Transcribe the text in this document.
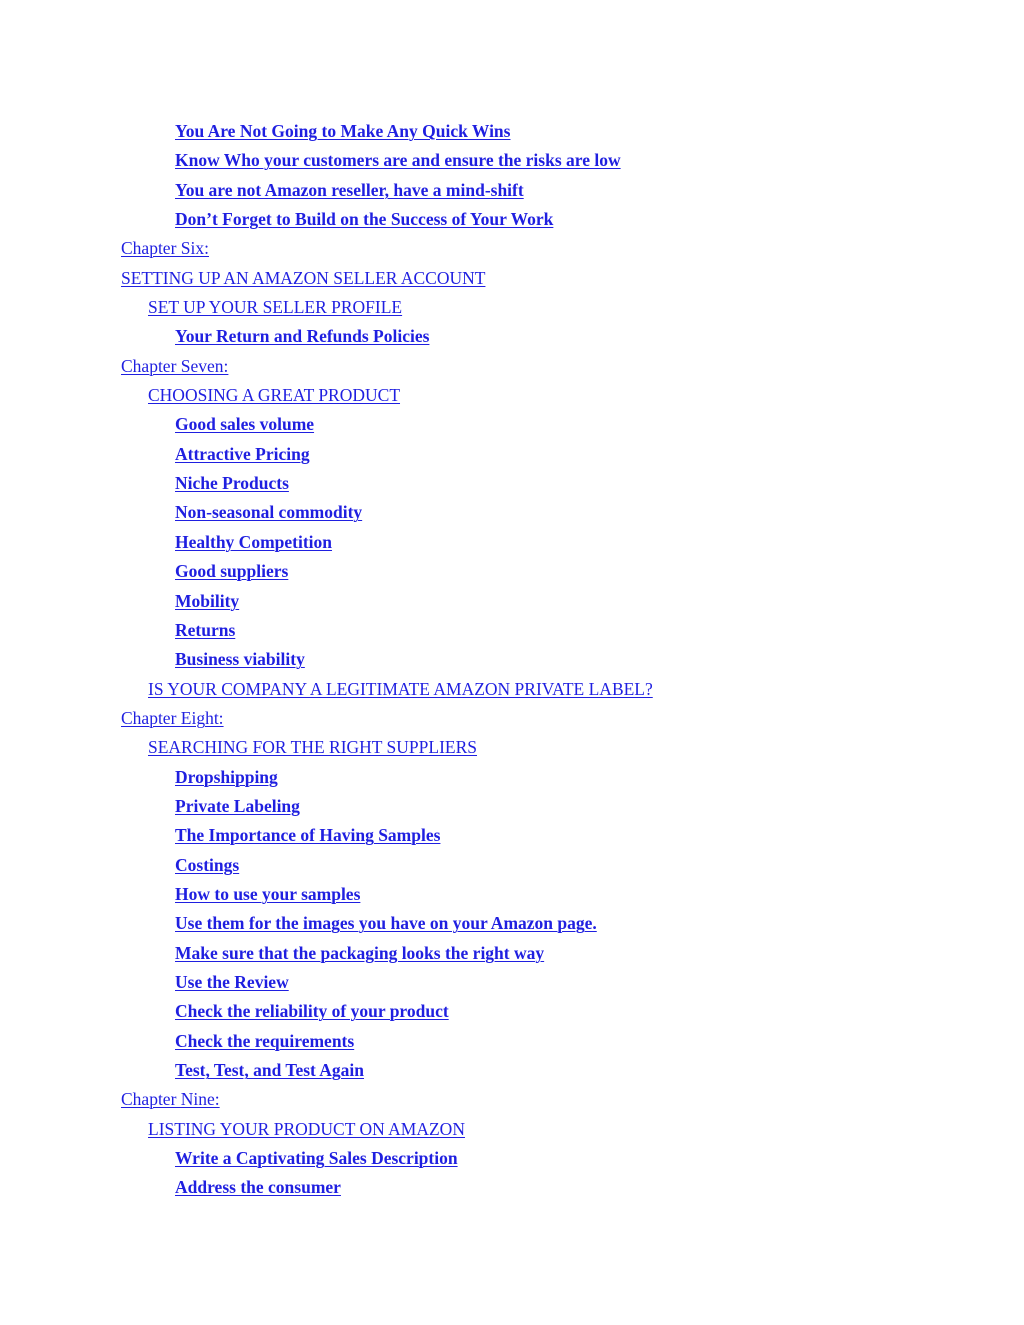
You Are Not Going to Make Any Quick Wins
Know Who your customers are and ensure the risks are low
You are not Amazon reseller, have a mind-shift
Don’t Forget to Build on the Success of Your Work
Chapter Six:
SETTING UP AN AMAZON SELLER ACCOUNT
SET UP YOUR SELLER PROFILE
Your Return and Refunds Policies
Chapter Seven:
CHOOSING A GREAT PRODUCT
Good sales volume
Attractive Pricing
Niche Products
Non-seasonal commodity
Healthy Competition
Good suppliers
Mobility
Returns
Business viability
IS YOUR COMPANY A LEGITIMATE AMAZON PRIVATE LABEL?
Chapter Eight:
SEARCHING FOR THE RIGHT SUPPLIERS
Dropshipping
Private Labeling
The Importance of Having Samples
Costings
How to use your samples
Use them for the images you have on your Amazon page.
Make sure that the packaging looks the right way
Use the Review
Check the reliability of your product
Check the requirements
Test, Test, and Test Again
Chapter Nine:
LISTING YOUR PRODUCT ON AMAZON
Write a Captivating Sales Description
Address the consumer
